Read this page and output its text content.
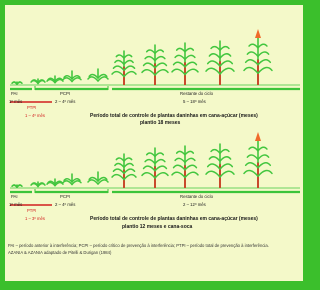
PAI
1º mês
PCPI
2 – 4º mês
Restante do ciclo
5 – 18º mês
PTPI
1 – 4º mês	Período total de controle de plantas daninhas em cana-açúcar (meses)
plantio 18 meses
PAI
1º mês
PCPI
2 – 4º mês
Restante do ciclo
2 – 12º mês
PTPI
1 – 3º mês	Período total de controle de plantas daninhas em cana-açúcar (meses)
plantio 12 meses e cana-soca
PAI – período anterior à interferência; PCPI – período crítico de prevenção à interferência; PTPI – período total de prevenção à interferência.
AZANIA & AZANIA adaptado de Pitelli & Durigan (1984)
